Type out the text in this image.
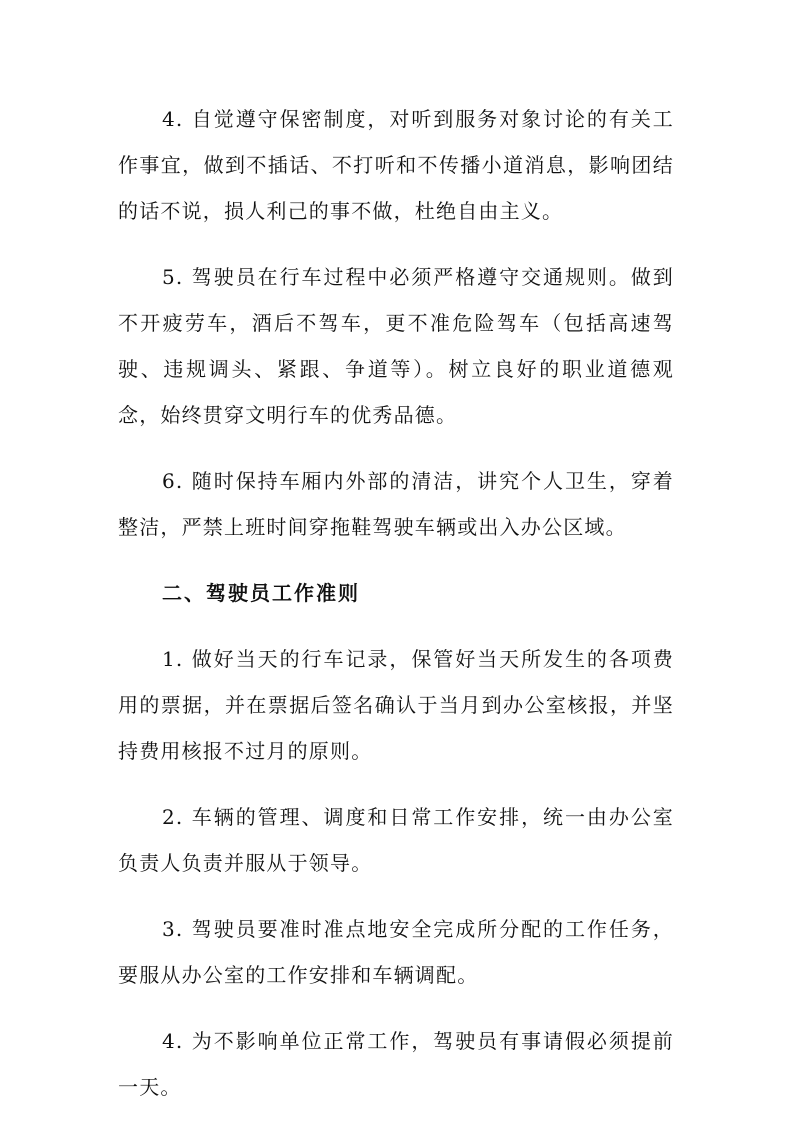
4. 自觉遵守保密制度，对听到服务对象讨论的有关工作事宜，做到不插话、不打听和不传播小道消息，影响团结的话不说，损人利己的事不做，杜绝自由主义。

5. 驾驶员在行车过程中必须严格遵守交通规则。做到不开疲劳车，酒后不驾车，更不准危险驾车（包括高速驾驶、违规调头、紧跟、争道等）。树立良好的职业道德观念，始终贯穿文明行车的优秀品德。

6. 随时保持车厢内外部的清洁，讲究个人卫生，穿着整洁，严禁上班时间穿拖鞋驾驶车辆或出入办公区域。

二、驾驶员工作准则

1. 做好当天的行车记录，保管好当天所发生的各项费用的票据，并在票据后签名确认于当月到办公室核报，并坚持费用核报不过月的原则。

2. 车辆的管理、调度和日常工作安排，统一由办公室负责人负责并服从于领导。

3. 驾驶员要准时准点地安全完成所分配的工作任务，要服从办公室的工作安排和车辆调配。

4. 为不影响单位正常工作，驾驶员有事请假必须提前一天。
